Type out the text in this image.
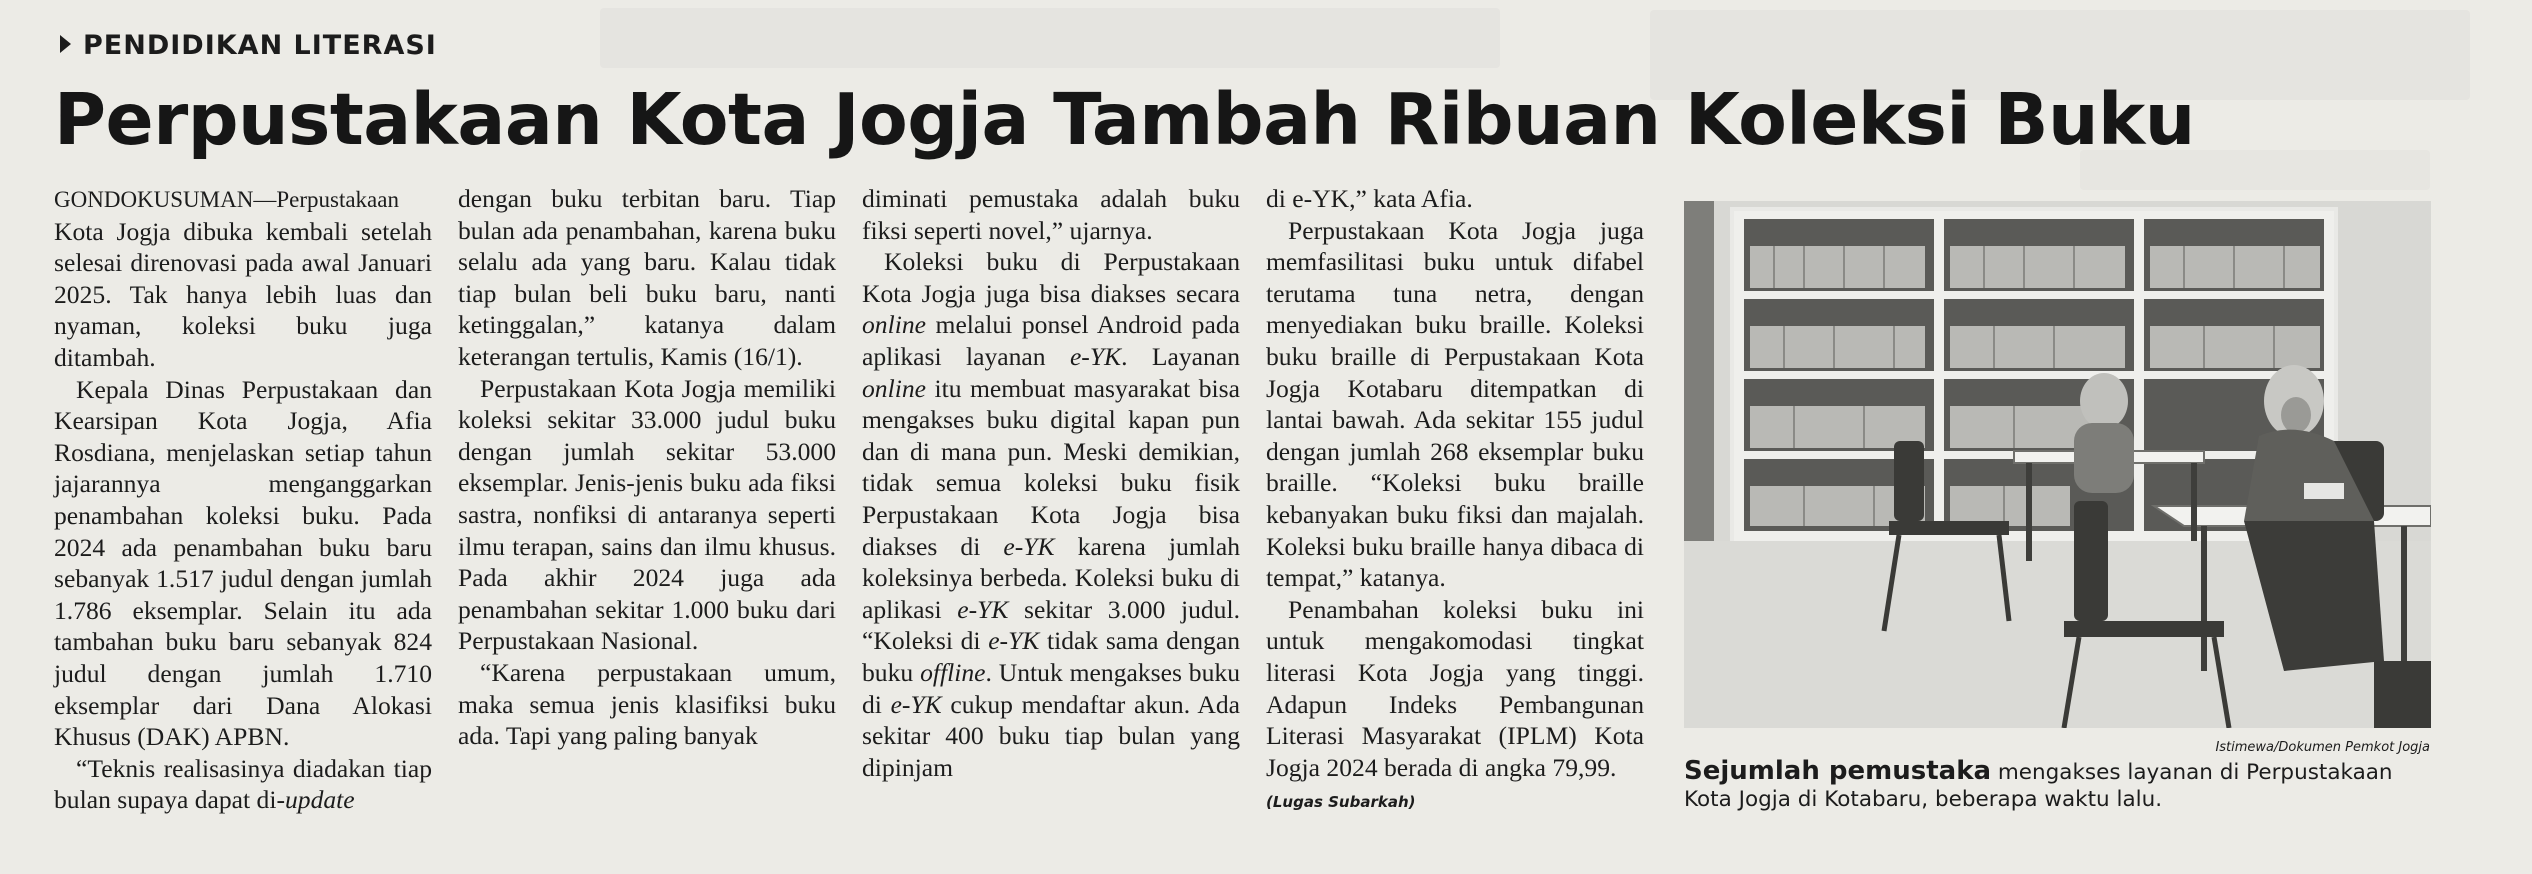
PENDIDIKAN LITERASI

Perpustakaan Kota Jogja Tambah Ribuan Koleksi Buku

GONDOKUSUMAN—Perpustakaan Kota Jogja dibuka kembali setelah selesai direnovasi pada awal Januari 2025. Tak hanya lebih luas dan nyaman, koleksi buku juga ditambah.

Kepala Dinas Perpustakaan dan Kearsipan Kota Jogja, Afia Rosdiana, menjelaskan setiap tahun jajarannya menganggarkan penambahan koleksi buku. Pada 2024 ada penambahan buku baru sebanyak 1.517 judul dengan jumlah 1.786 eksemplar. Selain itu ada tambahan buku baru sebanyak 824 judul dengan jumlah 1.710 eksemplar dari Dana Alokasi Khusus (DAK) APBN.

“Teknis realisasinya diadakan tiap bulan supaya dapat di-update

dengan buku terbitan baru. Tiap bulan ada penambahan, karena buku selalu ada yang baru. Kalau tidak tiap bulan beli buku baru, nanti ketinggalan,” katanya dalam keterangan tertulis, Kamis (16/1).

Perpustakaan Kota Jogja memiliki koleksi sekitar 33.000 judul buku dengan jumlah sekitar 53.000 eksemplar. Jenis-jenis buku ada fiksi sastra, nonfiksi di antaranya seperti ilmu terapan, sains dan ilmu khusus. Pada akhir 2024 juga ada penambahan sekitar 1.000 buku dari Perpustakaan Nasional.

“Karena perpustakaan umum, maka semua jenis klasifiksi buku ada. Tapi yang paling banyak

diminati pemustaka adalah buku fiksi seperti novel,” ujarnya.

Koleksi buku di Perpustakaan Kota Jogja juga bisa diakses secara online melalui ponsel Android pada aplikasi layanan e-YK. Layanan online itu membuat masyarakat bisa mengakses buku digital kapan pun dan di mana pun. Meski demikian, tidak semua koleksi buku fisik Perpustakaan Kota Jogja bisa diakses di e-YK karena jumlah koleksinya berbeda. Koleksi buku di aplikasi e-YK sekitar 3.000 judul. “Koleksi di e-YK tidak sama dengan buku offline. Untuk mengakses buku di e-YK cukup mendaftar akun. Ada sekitar 400 buku tiap bulan yang dipinjam

di e-YK,” kata Afia.

Perpustakaan Kota Jogja juga memfasilitasi buku untuk difabel terutama tuna netra, dengan menyediakan buku braille. Koleksi buku braille di Perpustakaan Kota Jogja Kotabaru ditempatkan di lantai bawah. Ada sekitar 155 judul dengan jumlah 268 eksemplar buku braille. “Koleksi buku braille kebanyakan buku fiksi dan majalah. Koleksi buku braille hanya dibaca di tempat,” katanya.

Penambahan koleksi buku ini untuk mengakomodasi tingkat literasi Kota Jogja yang tinggi. Adapun Indeks Pembangunan Literasi Masyarakat (IPLM) Kota Jogja 2024 berada di angka 79,99.

(Lugas Subarkah)
Istimewa/Dokumen Pemkot Jogja
Sejumlah pemustaka mengakses layanan di Perpustakaan Kota Jogja di Kotabaru, beberapa waktu lalu.
